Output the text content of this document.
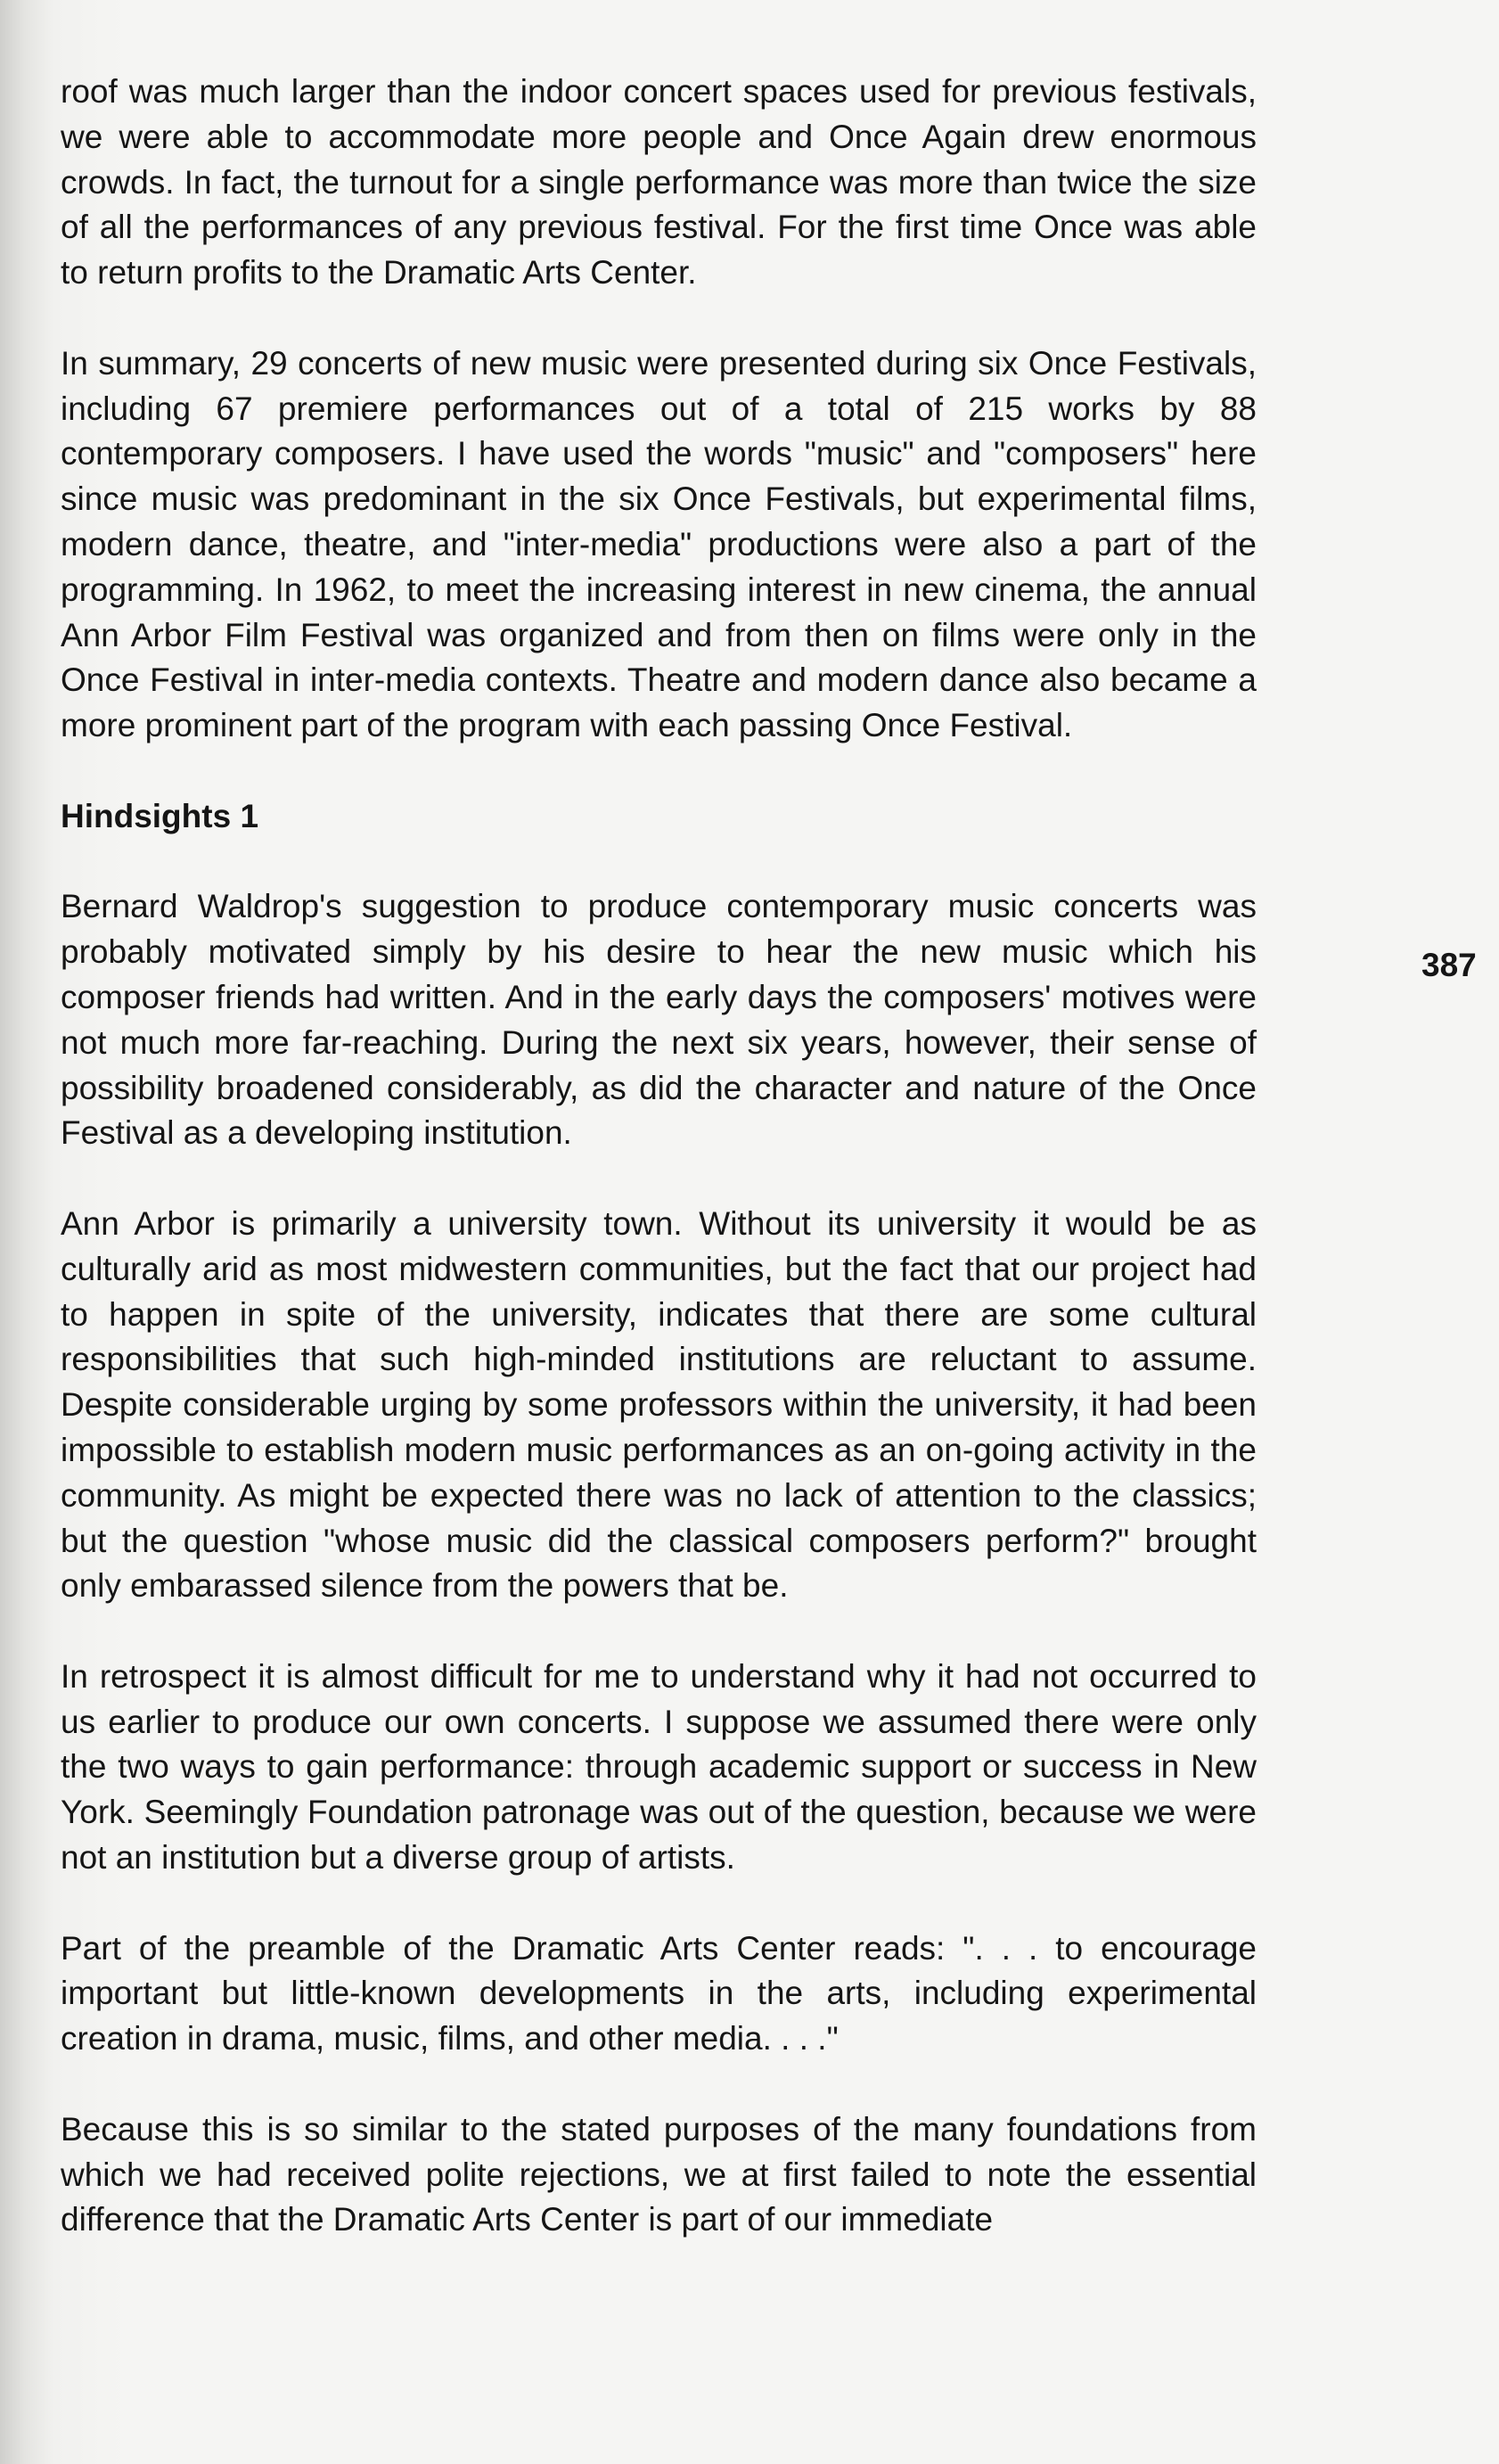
roof was much larger than the indoor concert spaces used for previous festivals, we were able to accommodate more people and Once Again drew enormous crowds. In fact, the turnout for a single performance was more than twice the size of all the performances of any previous festival. For the first time Once was able to return profits to the Dramatic Arts Center.

In summary, 29 concerts of new music were presented during six Once Festivals, including 67 premiere performances out of a total of 215 works by 88 contemporary composers. I have used the words "music" and "composers" here since music was predominant in the six Once Festivals, but experimental films, modern dance, theatre, and "inter-media" productions were also a part of the programming. In 1962, to meet the increasing interest in new cinema, the annual Ann Arbor Film Festival was organized and from then on films were only in the Once Festival in inter-media contexts. Theatre and modern dance also became a more prominent part of the program with each passing Once Festival.

Hindsights 1

Bernard Waldrop's suggestion to produce contemporary music concerts was probably motivated simply by his desire to hear the new music which his composer friends had written. And in the early days the composers' motives were not much more far-reaching. During the next six years, however, their sense of possibility broadened considerably, as did the character and nature of the Once Festival as a developing institution.

Ann Arbor is primarily a university town. Without its university it would be as culturally arid as most midwestern communities, but the fact that our project had to happen in spite of the university, indicates that there are some cultural responsibilities that such high-minded institutions are reluctant to assume. Despite considerable urging by some professors within the university, it had been impossible to establish modern music performances as an on-going activity in the community. As might be expected there was no lack of attention to the classics; but the question "whose music did the classical composers perform?" brought only embarassed silence from the powers that be.

In retrospect it is almost difficult for me to understand why it had not occurred to us earlier to produce our own concerts. I suppose we assumed there were only the two ways to gain performance: through academic support or success in New York. Seemingly Foundation patronage was out of the question, because we were not an institution but a diverse group of artists.

Part of the preamble of the Dramatic Arts Center reads: ". . . to encourage important but little-known developments in the arts, including experimental creation in drama, music, films, and other media. . . ."

Because this is so similar to the stated purposes of the many foundations from which we had received polite rejections, we at first failed to note the essential difference that the Dramatic Arts Center is part of our immediate

387
